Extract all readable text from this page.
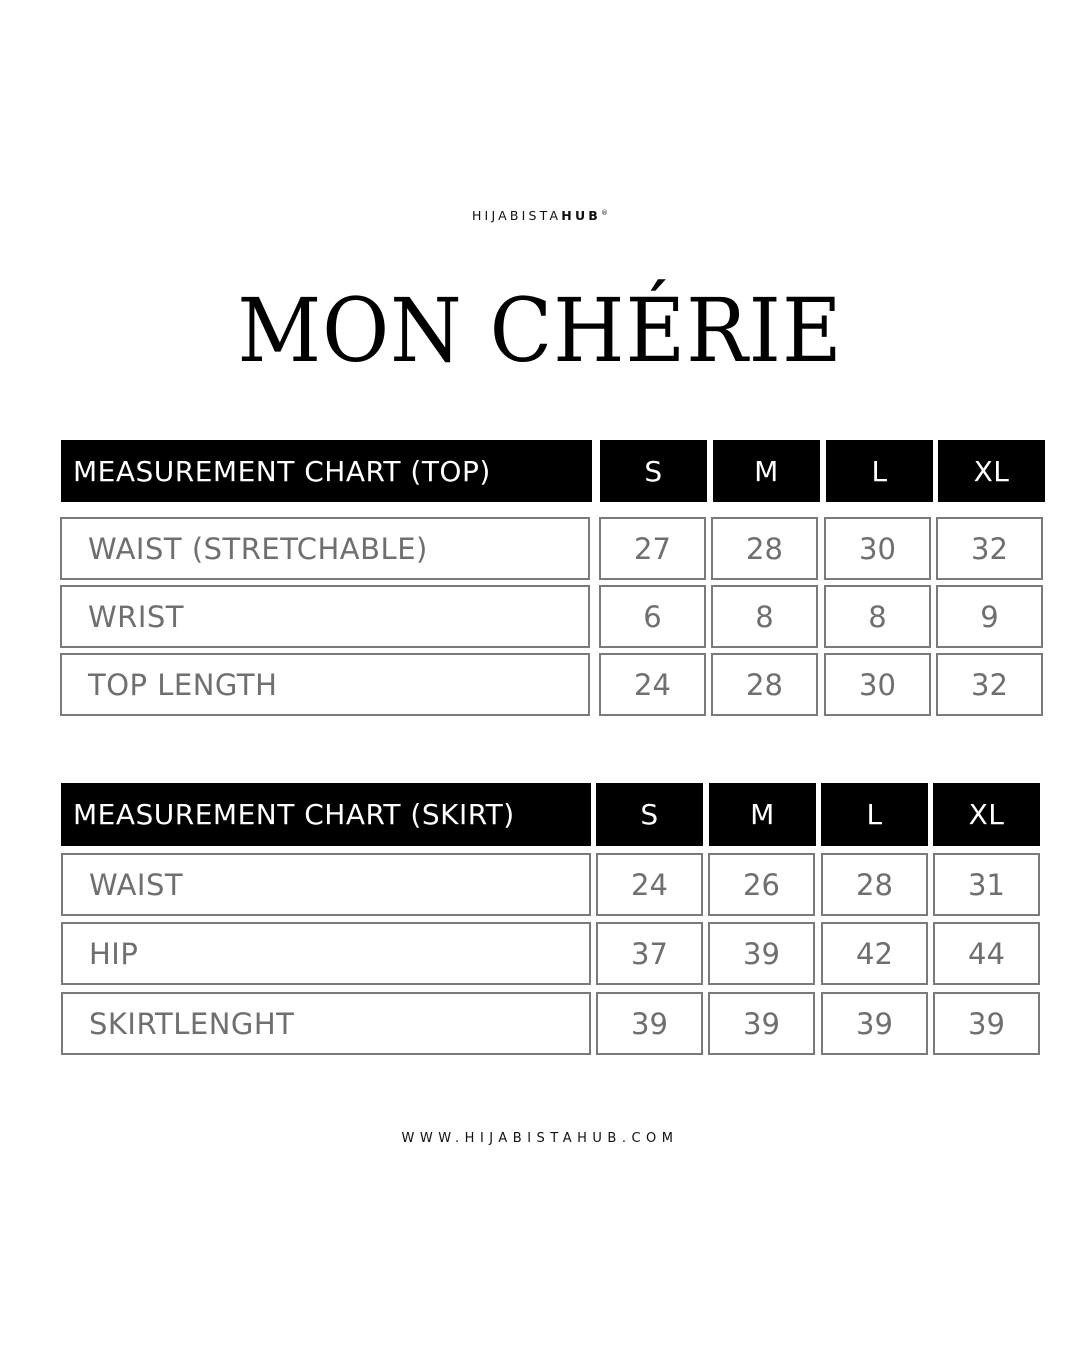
HIJABISTAHUB®
MON CHÉRIE
MEASUREMENT CHART (TOP)	S	M	L	XL
WAIST (STRETCHABLE)	27	28	30	32
WRIST	6	8	8	9
TOP LENGTH	24	28	30	32
MEASUREMENT CHART (SKIRT)	S	M	L	XL
WAIST	24	26	28	31
HIP	37	39	42	44
SKIRTLENGHT	39	39	39	39
WWW.HIJABISTAHUB.COM
